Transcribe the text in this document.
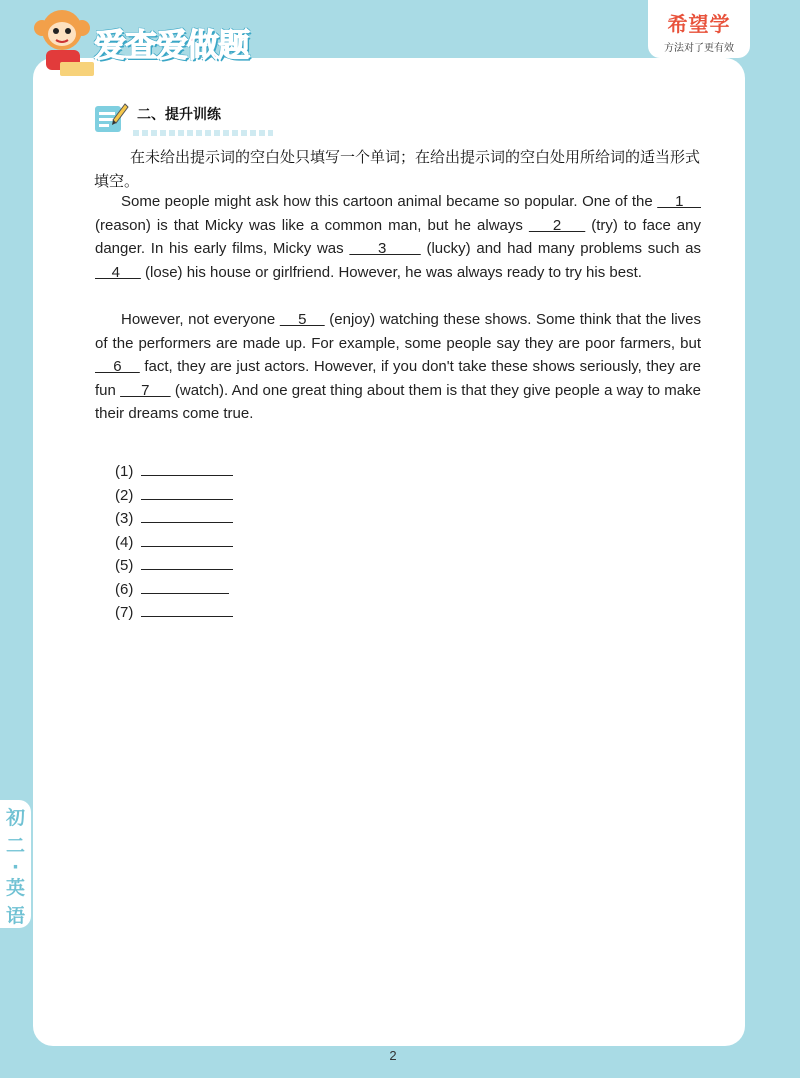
爱查爱做题
希望学
方法对了更有效
二、提升训练
在未给出提示词的空白处只填写一个单词；在给出提示词的空白处用所给词的适当形式填空。
Some people might ask how this cartoon animal became so popular. One of the     1     (reason) is that Micky was like a common man, but he always     2     (try) to face any danger. In his early films, Micky was      3       (lucky) and had many problems such as     4      (lose) his house or girlfriend. However, he was always ready to try his best.
However, not everyone     5     (enjoy) watching these shows. Some think that the lives of the performers are made up. For example, some people say they are poor farmers, but     6     fact, they are just actors. However, if you don't take these shows seriously, they are fun      7      (watch). And one great thing about them is that they give people a way to make their dreams come true.
(1)
(2)
(3)
(4)
(5)
(6)
(7)
初
二
·
英
语
2
